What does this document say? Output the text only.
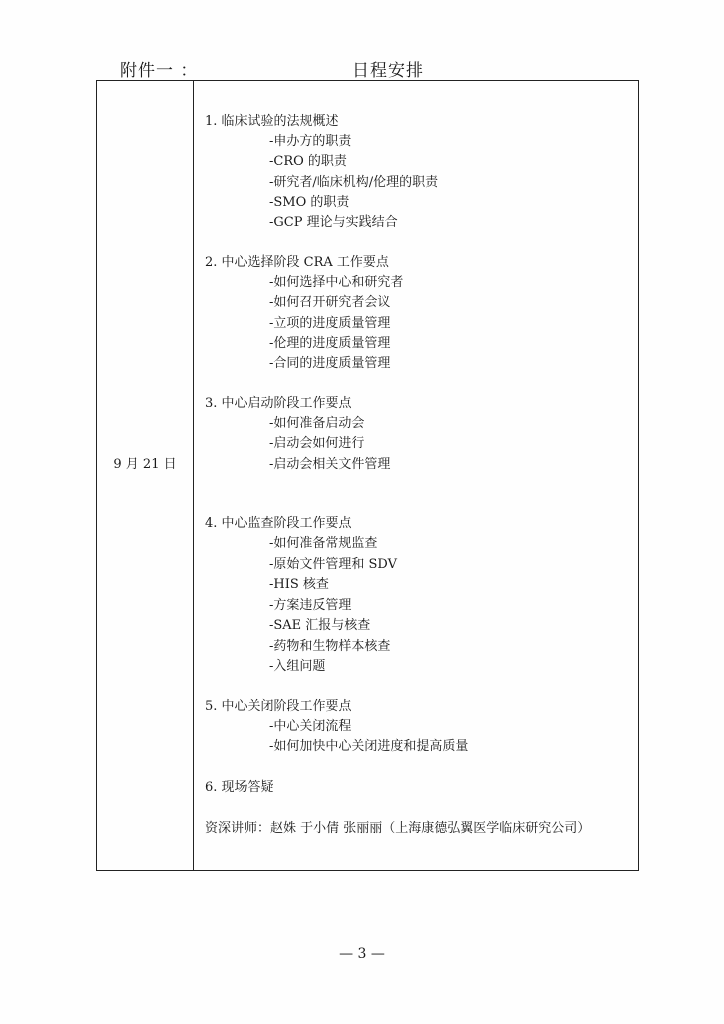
附件一 ：	日程安排
9 月 21 日
1. 临床试验的法规概述
-申办方的职责
-CRO 的职责
-研究者/临床机构/伦理的职责
-SMO 的职责
-GCP 理论与实践结合
2. 中心选择阶段 CRA 工作要点
-如何选择中心和研究者
-如何召开研究者会议
-立项的进度质量管理
-伦理的进度质量管理
-合同的进度质量管理
3. 中心启动阶段工作要点
-如何准备启动会
-启动会如何进行
-启动会相关文件管理
4. 中心监查阶段工作要点
-如何准备常规监查
-原始文件管理和 SDV
-HIS 核查
-方案违反管理
-SAE 汇报与核查
-药物和生物样本核查
-入组问题
5. 中心关闭阶段工作要点
-中心关闭流程
-如何加快中心关闭进度和提高质量
6. 现场答疑
资深讲师：赵姝 于小倩 张丽丽（上海康德弘翼医学临床研究公司）
— 3 —
